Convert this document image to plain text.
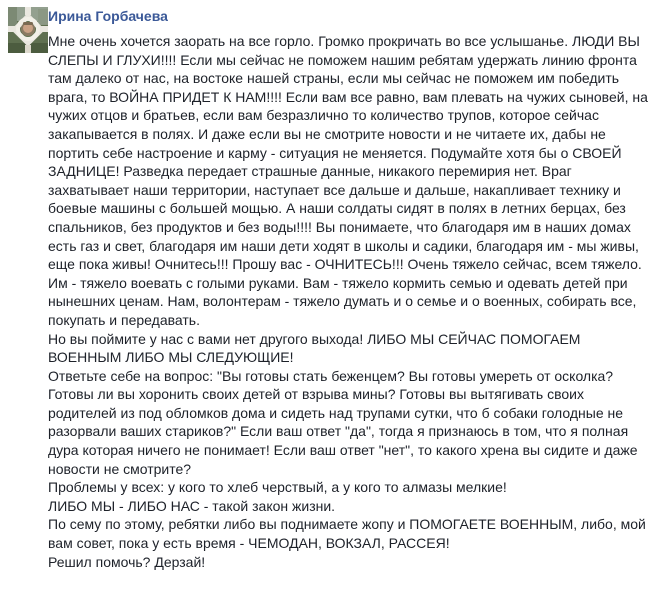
Ирина Горбачева
Мне очень хочется заорать на все горло. Громко прокричать во все услышанье. ЛЮДИ ВЫ СЛЕПЫ И ГЛУХИ!!!! Если мы сейчас не поможем нашим ребятам удержать линию фронта там далеко от нас, на востоке нашей страны, если мы сейчас не поможем им победить врага, то ВОЙНА ПРИДЕТ К НАМ!!!! Если вам все равно, вам плевать на чужих сыновей, на чужих отцов и братьев, если вам безразлично то количество трупов, которое сейчас закапывается в полях. И даже если вы не смотрите новости и не читаете их, дабы не портить себе настроение и карму - ситуация не меняется. Подумайте хотя бы о СВОЕЙ ЗАДНИЦЕ! Разведка передает страшные данные, никакого перемирия нет. Враг захватывает наши территории, наступает все дальше и дальше, накапливает технику и боевые машины с большей мощью. А наши солдаты сидят в полях в летних берцах, без спальников, без продуктов и без воды!!!! Вы понимаете, что благодаря им в наших домах есть газ и свет, благодаря им наши дети ходят в школы и садики, благодаря им - мы живы, еще пока живы! Очнитесь!!! Прошу вас - ОЧНИТЕСЬ!!! Очень тяжело сейчас, всем тяжело. Им - тяжело воевать с голыми руками. Вам - тяжело кормить семью и одевать детей при нынешних ценам. Нам, волонтерам - тяжело думать и о семье и о военных, собирать все, покупать и передавать.
Но вы поймите у нас с вами нет другого выхода! ЛИБО МЫ СЕЙЧАС ПОМОГАЕМ ВОЕННЫМ ЛИБО МЫ СЛЕДУЮЩИЕ!
Ответьте себе на вопрос: "Вы готовы стать беженцем? Вы готовы умереть от осколка? Готовы ли вы хоронить своих детей от взрыва мины? Готовы вы вытягивать своих родителей из под обломков дома и сидеть над трупами сутки, что б собаки голодные не разорвали ваших стариков?" Если ваш ответ "да", тогда я признаюсь в том, что я полная дура которая ничего не понимает! Если ваш ответ "нет", то какого хрена вы сидите и даже новости не смотрите?
Проблемы у всех: у кого то хлеб черствый, а у кого то алмазы мелкие!
ЛИБО МЫ - ЛИБО НАС - такой закон жизни.
По сему по этому, ребятки либо вы поднимаете жопу и ПОМОГАЕТЕ ВОЕННЫМ, либо, мой вам совет, пока у есть время - ЧЕМОДАН, ВОКЗАЛ, РАССЕЯ!
Решил помочь? Дерзай!
